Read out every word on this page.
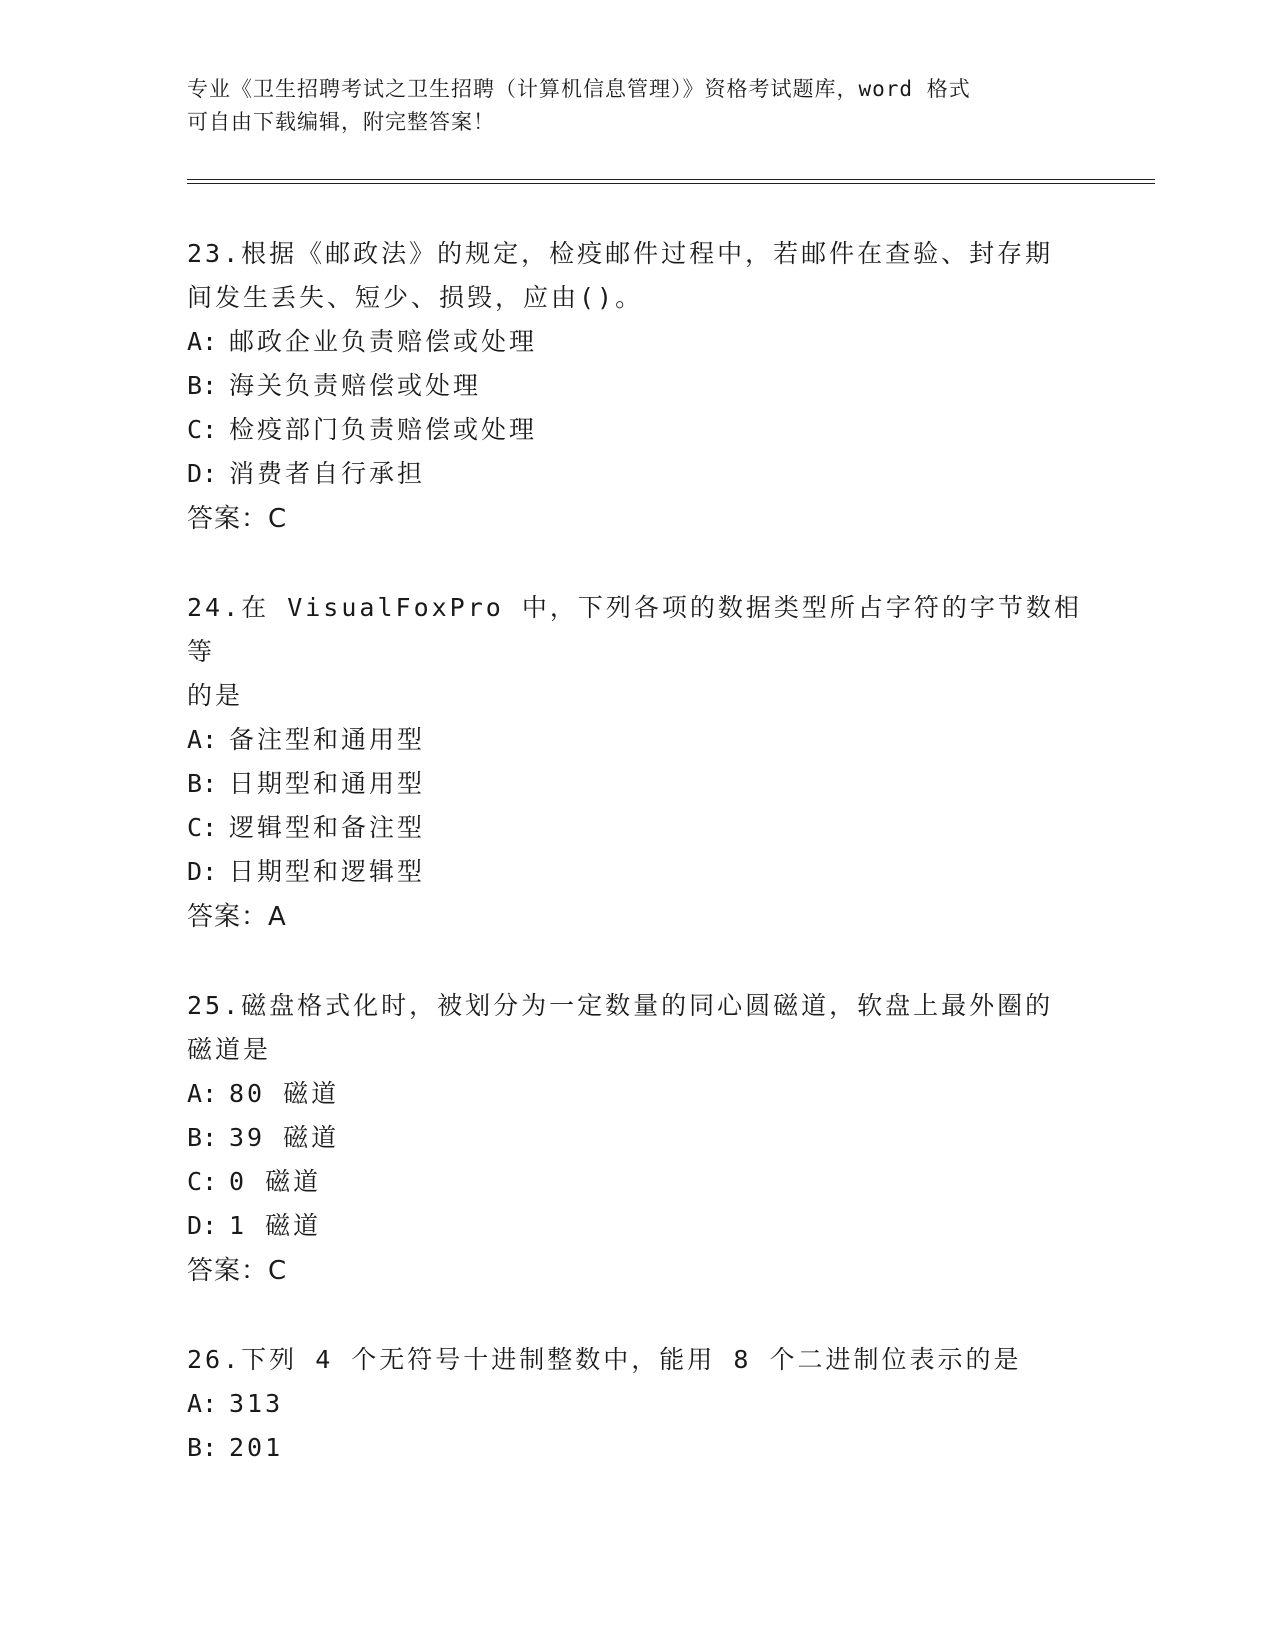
专业《卫生招聘考试之卫生招聘（计算机信息管理）》资格考试题库，word 格式
可自由下载编辑，附完整答案！
23.根据《邮政法》的规定，检疫邮件过程中，若邮件在查验、封存期
间发生丢失、短少、损毁，应由()。
A: 邮政企业负责赔偿或处理
B: 海关负责赔偿或处理
C: 检疫部门负责赔偿或处理
D: 消费者自行承担
答案：C
24.在 VisualFoxPro 中，下列各项的数据类型所占字符的字节数相等
的是
A: 备注型和通用型
B: 日期型和通用型
C: 逻辑型和备注型
D: 日期型和逻辑型
答案：A
25.磁盘格式化时，被划分为一定数量的同心圆磁道，软盘上最外圈的
磁道是
A: 80 磁道
B: 39 磁道
C: 0 磁道
D: 1 磁道
答案：C
26.下列 4 个无符号十进制整数中，能用 8 个二进制位表示的是
A: 313
B: 201
